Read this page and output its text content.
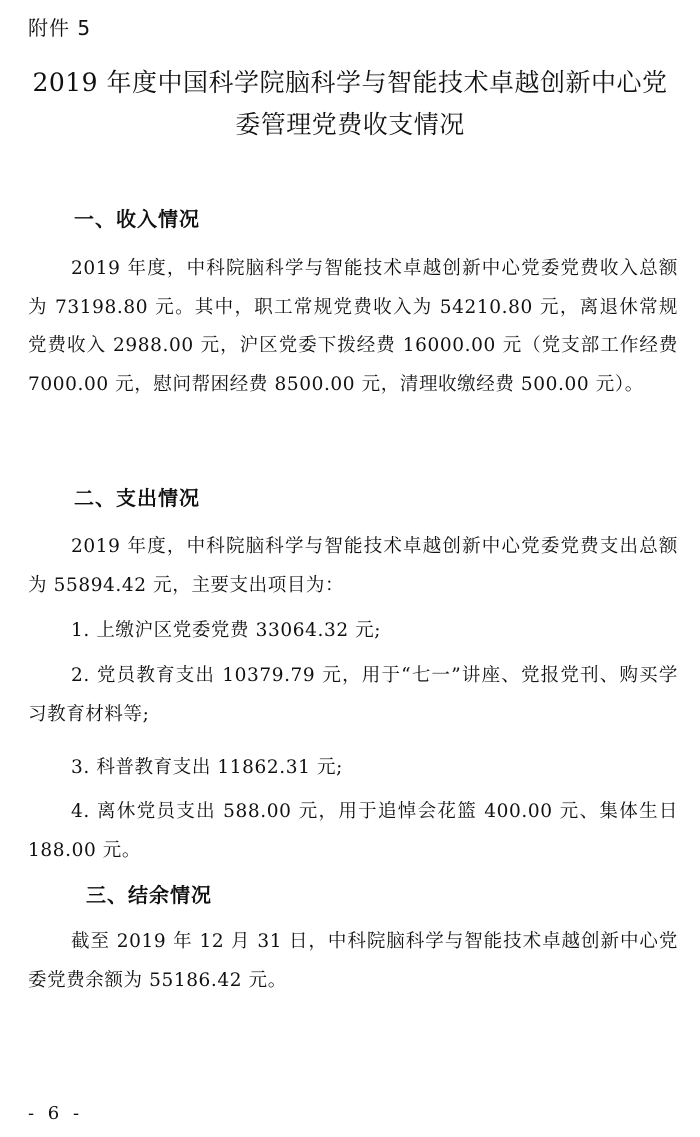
附件 5
2019 年度中国科学院脑科学与智能技术卓越创新中心党委管理党费收支情况
一、收入情况
2019 年度，中科院脑科学与智能技术卓越创新中心党委党费收入总额为 73198.80 元。其中，职工常规党费收入为 54210.80 元，离退休常规党费收入 2988.00 元，沪区党委下拨经费 16000.00 元（党支部工作经费 7000.00 元，慰问帮困经费 8500.00 元，清理收缴经费 500.00 元）。
二、支出情况
2019 年度，中科院脑科学与智能技术卓越创新中心党委党费支出总额为 55894.42 元，主要支出项目为：
1. 上缴沪区党委党费 33064.32 元;
2. 党员教育支出 10379.79 元，用于“七一”讲座、党报党刊、购买学习教育材料等;
3. 科普教育支出 11862.31 元;
4. 离休党员支出 588.00 元，用于追悼会花篮 400.00 元、集体生日 188.00 元。
三、结余情况
截至 2019 年 12 月 31 日，中科院脑科学与智能技术卓越创新中心党委党费余额为 55186.42 元。
- 6 -
